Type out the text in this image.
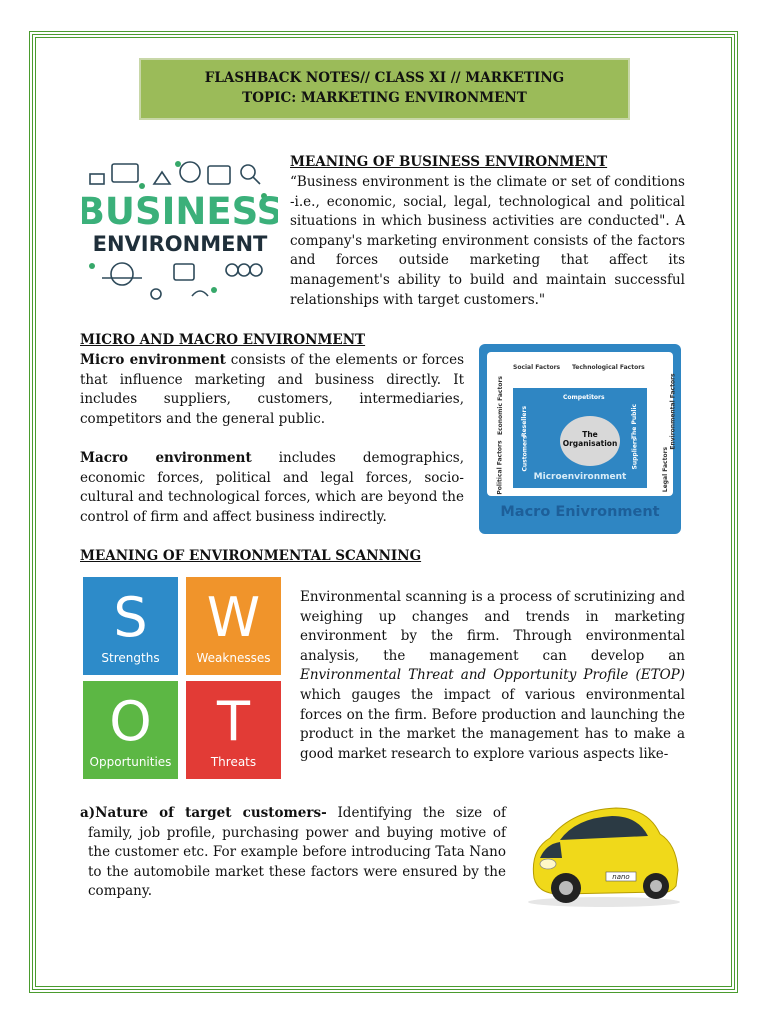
FLASHBACK NOTES// CLASS XI // MARKETING
TOPIC: MARKETING ENVIRONMENT
BUSINESS
ENVIRONMENT
MEANING OF BUSINESS ENVIRONMENT
“Business environment is the climate or set of conditions -i.e., economic, social, legal, technological and political situations in which business activities are conducted". A company's marketing environment consists of the factors and forces outside marketing that affect its management's ability to build and maintain successful relationships with target customers."
MICRO AND MACRO ENVIRONMENT
Micro environment consists of the elements or forces that influence marketing and business directly. It includes suppliers, customers, intermediaries, competitors and the general public.
Macro environment includes demographics, economic forces, political and legal forces, socio-cultural and technological forces, which are beyond the control of firm and affect business indirectly.
Social Factors Technological Factors
Economic Factors
Political Factors
Environmental Factors
Legal Factors
Competitors
Resellers
Customers
The Public
Suppliers
The
Organisation
Microenvironment
Macro Enivronment
MEANING OF ENVIRONMENTAL SCANNING
S
Strengths
W
Weaknesses
O
Opportunities
T
Threats
Environmental scanning is a process of scrutinizing and weighing up changes and trends in marketing environment by the firm. Through environmental analysis, the management can develop an Environmental Threat and Opportunity Profile (ETOP) which gauges the impact of various environmental forces on the firm. Before production and launching the product in the market the management has to make a good market research to explore various aspects like-
a)Nature of target customers- Identifying the size of family, job profile, purchasing power and buying motive of the customer etc. For example before introducing Tata Nano to the automobile market these factors were ensured by the company.
nano
